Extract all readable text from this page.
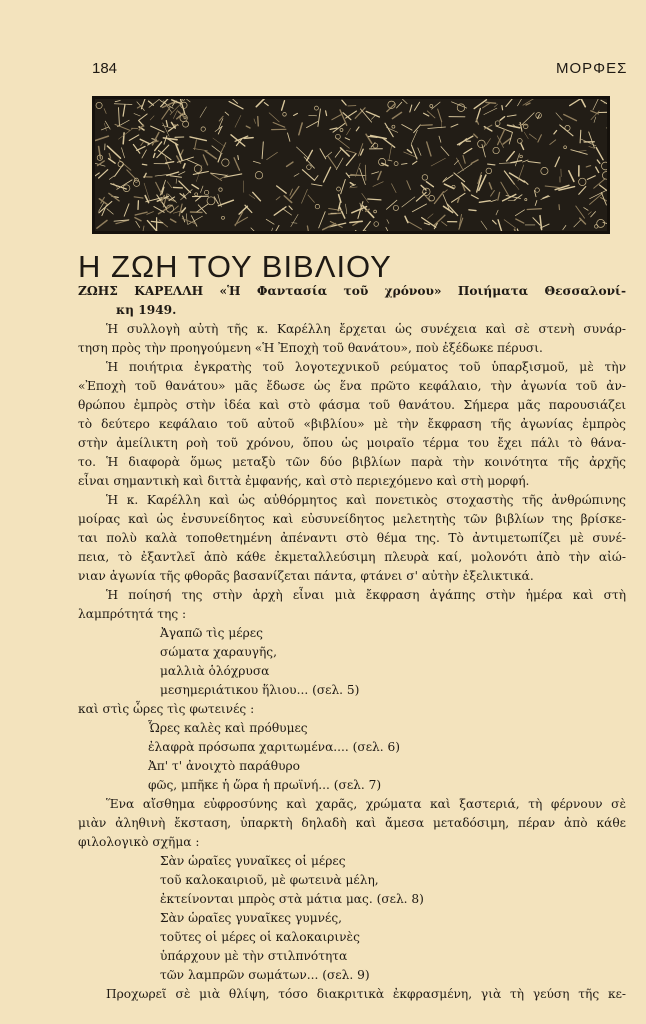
184	ΜΟΡΦΕΣ
Η ΖΩΗ ΤΟΥ ΒΙΒΛΙΟΥ
ΖΩΗΣ ΚΑΡΕΛΛΗ «Ἡ Φαντασία τοῦ χρόνου» Ποιήματα Θεσσαλονί-
κη 1949.
Ἡ συλλογὴ αὐτὴ τῆς κ. Καρέλλη ἔρχεται ὡς συνέχεια καὶ σὲ στενὴ συνάρ-
τηση πρὸς τὴν προηγούμενη «Ἡ Ἐποχὴ τοῦ θανάτου», ποὺ ἐξέδωκε πέρυσι.
Ἡ ποιήτρια ἐγκρατὴς τοῦ λογοτεχνικοῦ ρεύματος τοῦ ὑπαρξισμοῦ, μὲ τὴν
«Ἐποχὴ τοῦ θανάτου» μᾶς ἔδωσε ὡς ἕνα πρῶτο κεφάλαιο, τὴν ἀγωνία τοῦ ἀν-
θρώπου ἐμπρὸς στὴν ἰδέα καὶ στὸ φάσμα τοῦ θανάτου. Σήμερα μᾶς παρουσιάζει
τὸ δεύτερο κεφάλαιο τοῦ αὐτοῦ «βιβλίου» μὲ τὴν ἔκφραση τῆς ἀγωνίας ἐμπρὸς
στὴν ἀμείλικτη ροὴ τοῦ χρόνου, ὅπου ὡς μοιραῖο τέρμα του ἔχει πάλι τὸ θάνα-
το. Ἡ διαφορὰ ὅμως μεταξὺ τῶν δύο βιβλίων παρὰ τὴν κοινότητα τῆς ἀρχῆς
εἶναι σημαντικὴ καὶ διττὰ ἐμφανής, καὶ στὸ περιεχόμενο καὶ στὴ μορφή.
Ἡ κ. Καρέλλη καὶ ὡς αὐθόρμητος καὶ πονετικὸς στοχαστὴς τῆς ἀνθρώπινης
μοίρας καὶ ὡς ἐνσυνείδητος καὶ εὐσυνείδητος μελετητὴς τῶν βιβλίων της βρίσκε-
ται πολὺ καλὰ τοποθετημένη ἀπέναντι στὸ θέμα της. Τὸ ἀντιμετωπίζει μὲ συνέ-
πεια, τὸ ἐξαντλεῖ ἀπὸ κάθε ἐκμεταλλεύσιμη πλευρὰ καί, μολονότι ἀπὸ τὴν αἰώ-
νιαν ἀγωνία τῆς φθορᾶς βασανίζεται πάντα, φτάνει σ' αὐτὴν ἐξελικτικά.
Ἡ ποίησή της στὴν ἀρχὴ εἶναι μιὰ ἔκφραση ἀγάπης στὴν ἡμέρα καὶ στὴ
λαμπρότητά της :
Ἀγαπῶ τὶς μέρες
σώματα χαραυγῆς,
μαλλιὰ ὁλόχρυσα
μεσημεριάτικου ἥλιου... (σελ. 5)
καὶ στὶς ὧρες τὶς φωτεινές :
Ὧρες καλὲς καὶ πρόθυμες
ἐλαφρὰ πρόσωπα χαριτωμένα.... (σελ. 6)
Ἀπ' τ' ἀνοιχτὸ παράθυρο
φῶς, μπῆκε ἡ ὥρα ἡ πρωϊνή... (σελ. 7)
Ἕνα αἴσθημα εὐφροσύνης καὶ χαρᾶς, χρώματα καὶ ξαστεριά, τὴ φέρνουν σὲ
μιὰν ἀληθινὴ ἔκσταση, ὑπαρκτὴ δηλαδὴ καὶ ἄμεσα μεταδόσιμη, πέραν ἀπὸ κάθε
φιλολογικὸ σχῆμα :
Σὰν ὡραῖες γυναῖκες οἱ μέρες
τοῦ καλοκαιριοῦ, μὲ φωτεινὰ μέλη,
ἐκτείνονται μπρὸς στὰ μάτια μας. (σελ. 8)
Σὰν ὡραῖες γυναῖκες γυμνές,
τοῦτες οἱ μέρες οἱ καλοκαιρινὲς
ὑπάρχουν μὲ τὴν στιλπνότητα
τῶν λαμπρῶν σωμάτων... (σελ. 9)
Προχωρεῖ σὲ μιὰ θλίψη, τόσο διακριτικὰ ἐκφρασμένη, γιὰ τὴ γεύση τῆς κε-
